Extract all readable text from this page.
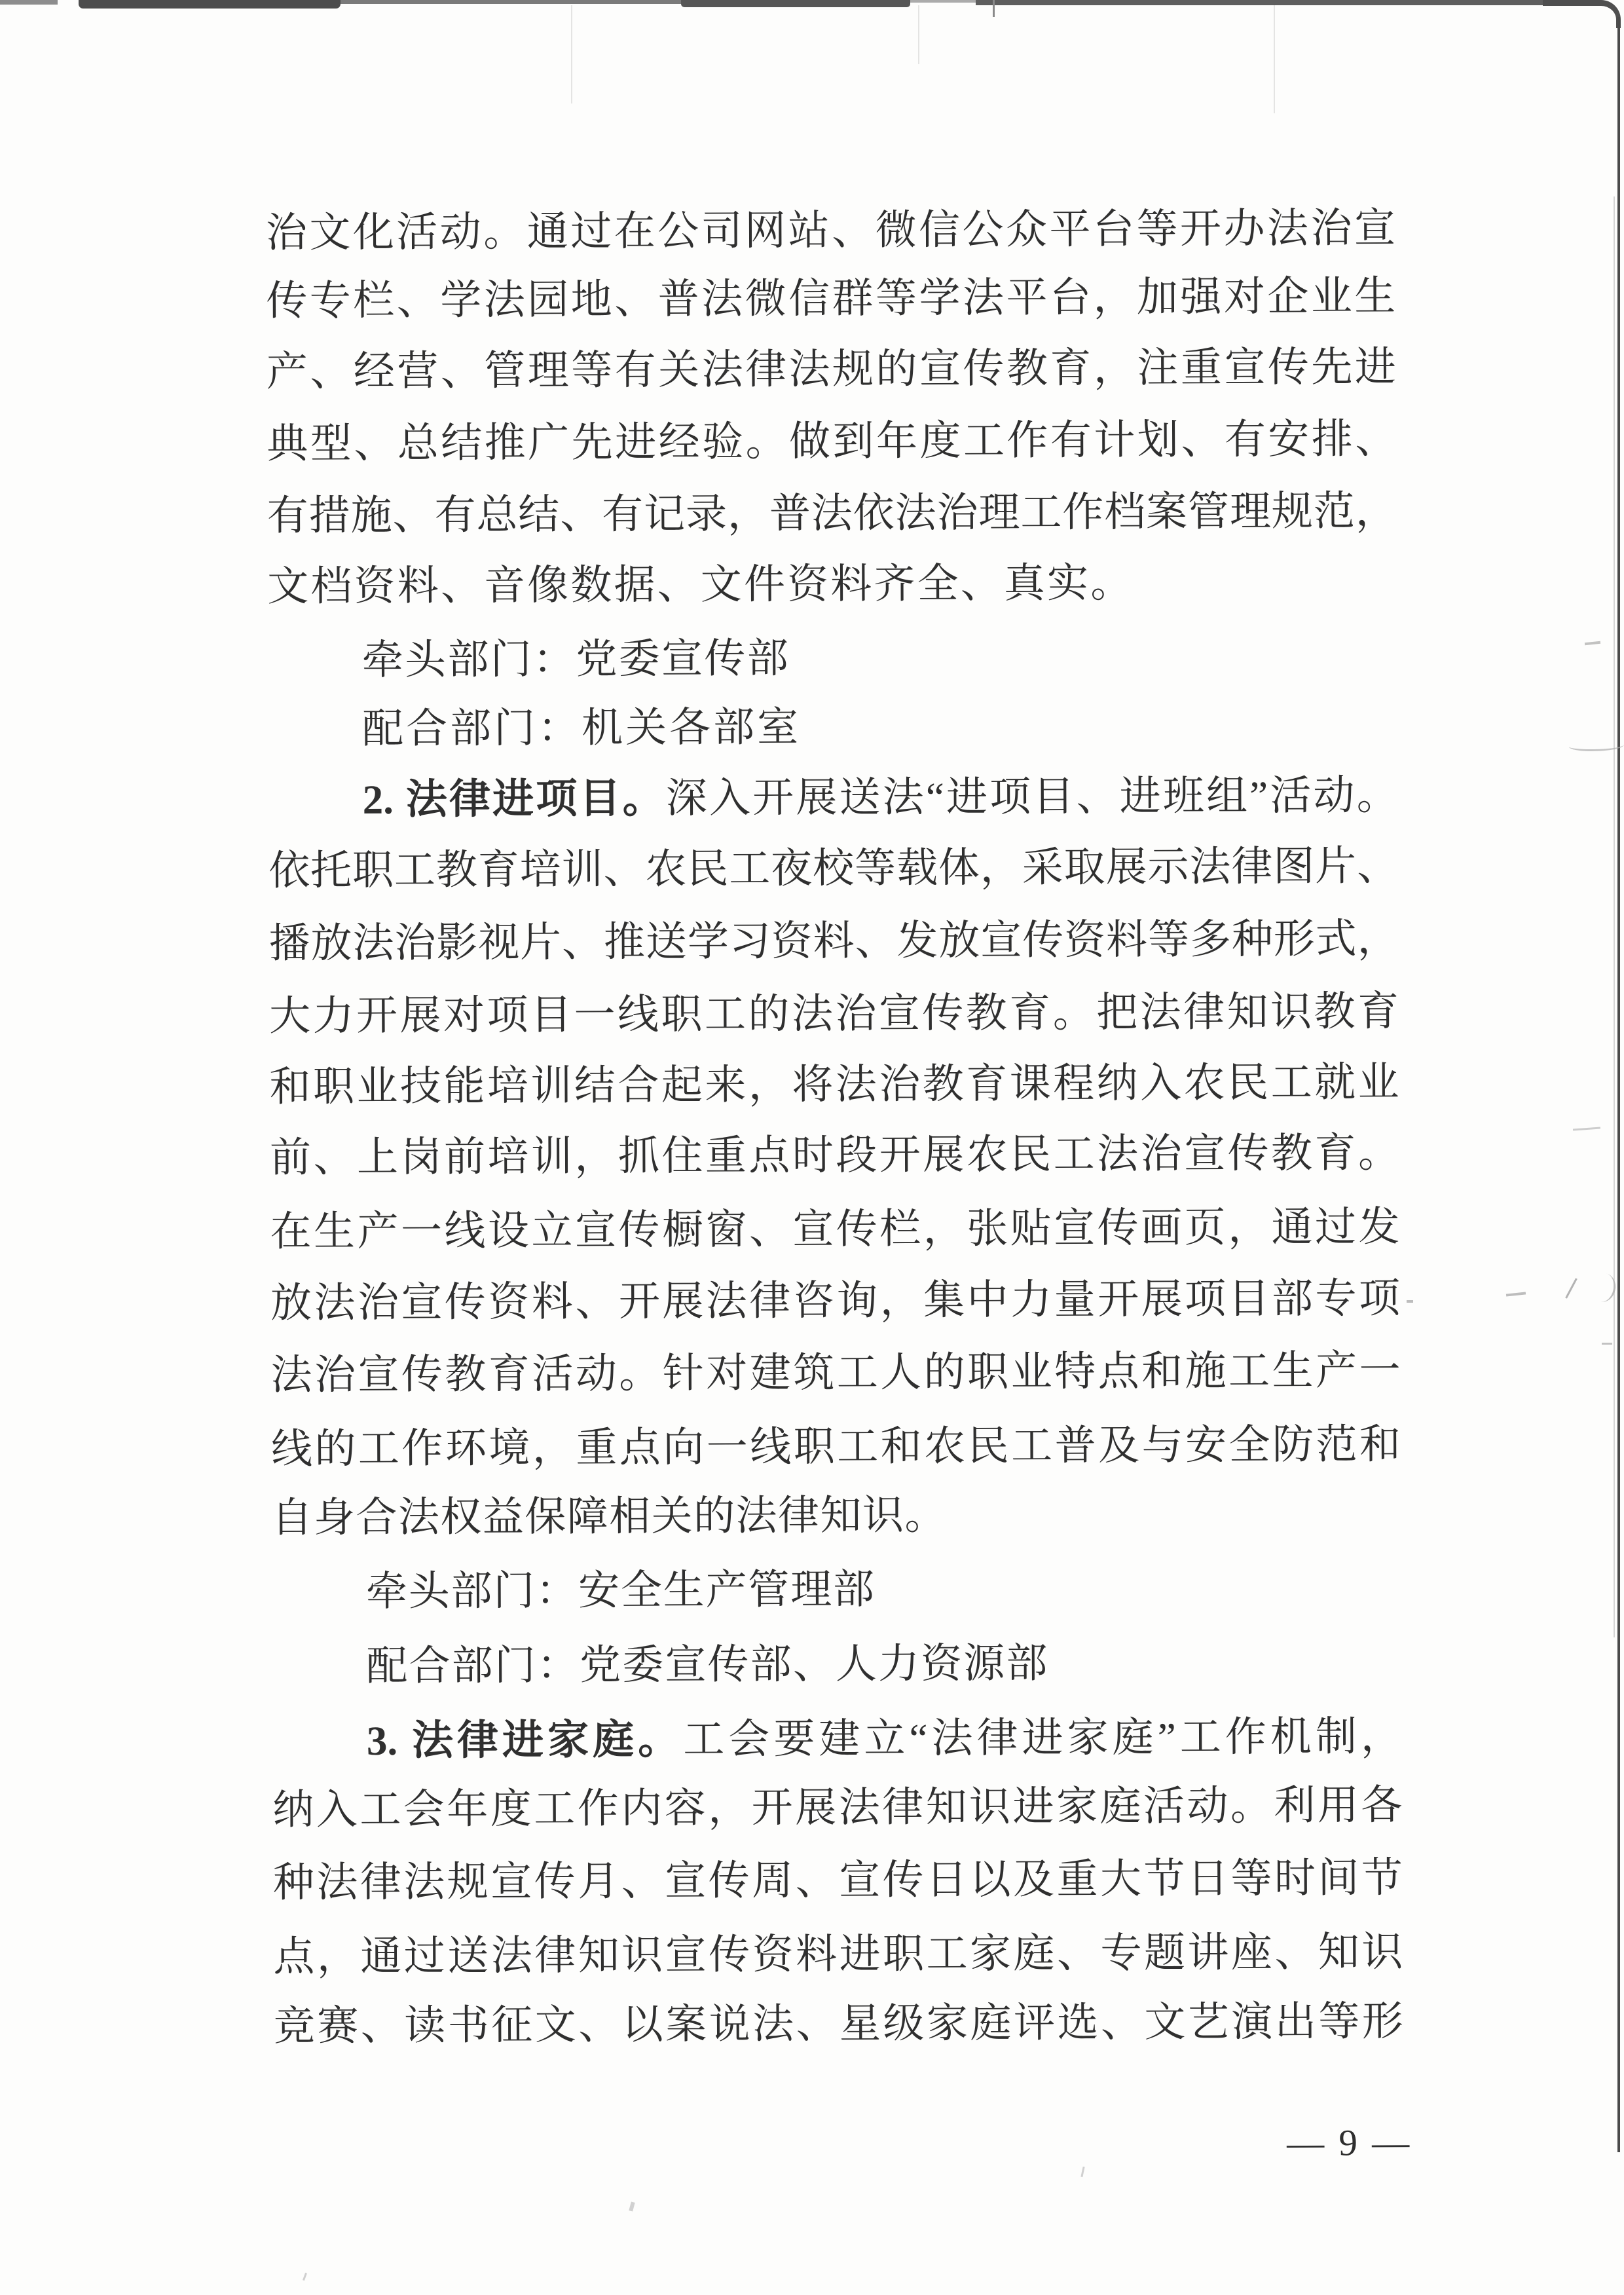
治文化活动。通过在公司网站、微信公众平台等开办法治宣
传专栏、学法园地、普法微信群等学法平台，加强对企业生
产、经营、管理等有关法律法规的宣传教育，注重宣传先进
典型、总结推广先进经验。做到年度工作有计划、有安排、
有措施、有总结、有记录，普法依法治理工作档案管理规范，
文档资料、音像数据、文件资料齐全、真实。
牵头部门：党委宣传部
配合部门：机关各部室
2. 法律进项目。深入开展送法“进项目、进班组”活动。
依托职工教育培训、农民工夜校等载体，采取展示法律图片、
播放法治影视片、推送学习资料、发放宣传资料等多种形式，
大力开展对项目一线职工的法治宣传教育。把法律知识教育
和职业技能培训结合起来，将法治教育课程纳入农民工就业
前、上岗前培训，抓住重点时段开展农民工法治宣传教育。
在生产一线设立宣传橱窗、宣传栏，张贴宣传画页，通过发
放法治宣传资料、开展法律咨询，集中力量开展项目部专项
法治宣传教育活动。针对建筑工人的职业特点和施工生产一
线的工作环境，重点向一线职工和农民工普及与安全防范和
自身合法权益保障相关的法律知识。
牵头部门：安全生产管理部
配合部门：党委宣传部、人力资源部
3. 法律进家庭。工会要建立“法律进家庭”工作机制，
纳入工会年度工作内容，开展法律知识进家庭活动。利用各
种法律法规宣传月、宣传周、宣传日以及重大节日等时间节
点，通过送法律知识宣传资料进职工家庭、专题讲座、知识
竞赛、读书征文、以案说法、星级家庭评选、文艺演出等形
— 9 —
